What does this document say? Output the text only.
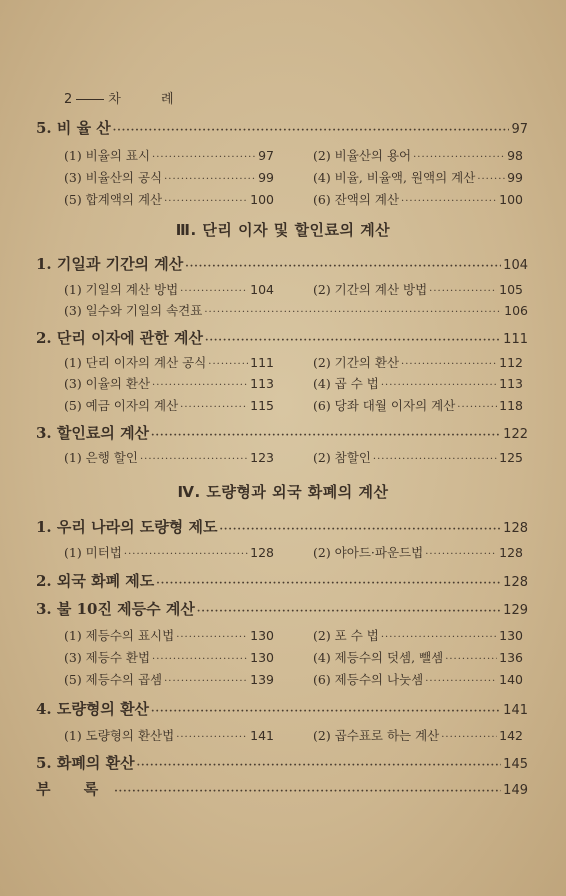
2	차 례
5. 비 율 산 ·····	97
(1) 비율의 표시 ·····	97	(2) 비율산의 용어 ·····	98
(3) 비율산의 공식 ·····	99	(4) 비율, 비율액, 원액의 계산 ·····	99
(5) 합계액의 계산 ·····	100	(6) 잔액의 계산 ·····	100
Ⅲ. 단리 이자 및 할인료의 계산
1. 기일과 기간의 계산 ·····	104
(1) 기일의 계산 방법 ·····	104	(2) 기간의 계산 방법 ·····	105
(3) 일수와 기일의 속견표 ·····	106
2. 단리 이자에 관한 계산 ·····	111
(1) 단리 이자의 계산 공식 ·····	111	(2) 기간의 환산 ·····	112
(3) 이율의 환산 ·····	113	(4) 곱 수 법 ·····	113
(5) 예금 이자의 계산 ·····	115	(6) 당좌 대월 이자의 계산 ·····	118
3. 할인료의 계산 ·····	122
(1) 은행 할인 ·····	123	(2) 참할인 ·····	125
Ⅳ. 도량형과 외국 화폐의 계산
1. 우리 나라의 도량형 제도 ·····	128
(1) 미터법 ·····	128	(2) 야아드·파운드법 ·····	128
2. 외국 화폐 제도 ·····	128
3. 불 10진 제등수 계산 ·····	129
(1) 제등수의 표시법 ·····	130	(2) 포 수 법 ·····	130
(3) 제등수 환법 ·····	130	(4) 제등수의 덧셈, 뺄셈 ·····	136
(5) 제등수의 곱셈 ·····	139	(6) 제등수의 나눗셈 ·····	140
4. 도량형의 환산 ·····	141
(1) 도량형의 환산법 ·····	141	(2) 곱수표로 하는 계산 ·····	142
5. 화폐의 환산 ·····	145
부 록 ·····	149
